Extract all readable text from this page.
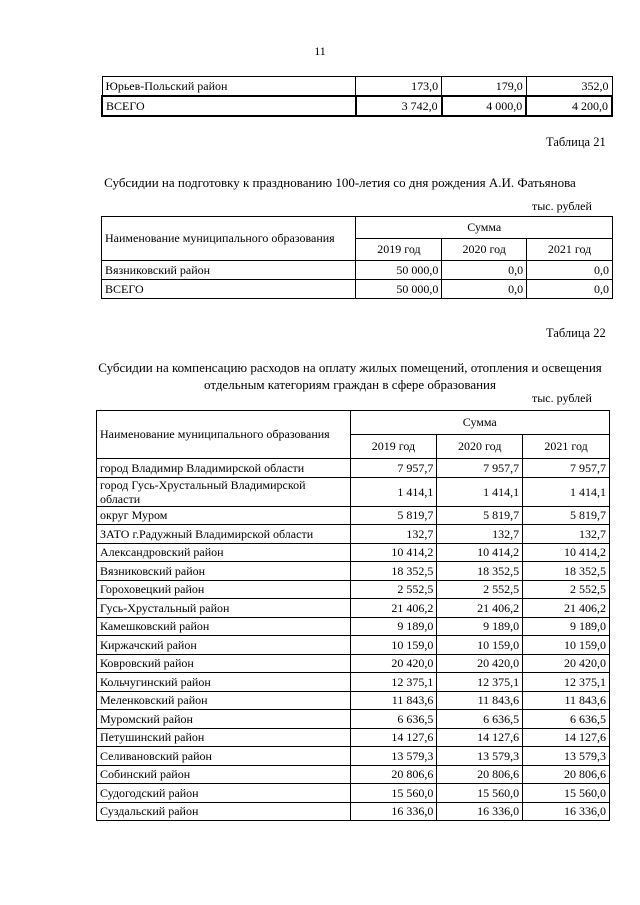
11
Юрьев-Польский район	173,0	179,0	352,0
ВСЕГО	3 742,0	4 000,0	4 200,0
Таблица 21
Субсидии на подготовку к празднованию 100-летия со дня рождения А.И. Фатьянова
тыс. рублей
Наименование муниципального образования	Сумма		
	2019 год	2020 год	2021 год
Вязниковский район	50 000,0	0,0	0,0
ВСЕГО	50 000,0	0,0	0,0
Таблица 22
Субсидии на компенсацию расходов на оплату жилых помещений, отопления и освещения отдельным категориям граждан в сфере образования
тыс. рублей
Наименование муниципального образования	Сумма		
	2019 год	2020 год	2021 год
город Владимир Владимирской области	7 957,7	7 957,7	7 957,7
город Гусь-Хрустальный Владимирской области	1 414,1	1 414,1	1 414,1
округ Муром	5 819,7	5 819,7	5 819,7
ЗАТО г.Радужный Владимирской области	132,7	132,7	132,7
Александровский район	10 414,2	10 414,2	10 414,2
Вязниковский район	18 352,5	18 352,5	18 352,5
Гороховецкий район	2 552,5	2 552,5	2 552,5
Гусь-Хрустальный район	21 406,2	21 406,2	21 406,2
Камешковский район	9 189,0	9 189,0	9 189,0
Киржачский район	10 159,0	10 159,0	10 159,0
Ковровский район	20 420,0	20 420,0	20 420,0
Кольчугинский район	12 375,1	12 375,1	12 375,1
Меленковский район	11 843,6	11 843,6	11 843,6
Муромский район	6 636,5	6 636,5	6 636,5
Петушинский район	14 127,6	14 127,6	14 127,6
Селивановский район	13 579,3	13 579,3	13 579,3
Собинский район	20 806,6	20 806,6	20 806,6
Судогодский район	15 560,0	15 560,0	15 560,0
Суздальский район	16 336,0	16 336,0	16 336,0
